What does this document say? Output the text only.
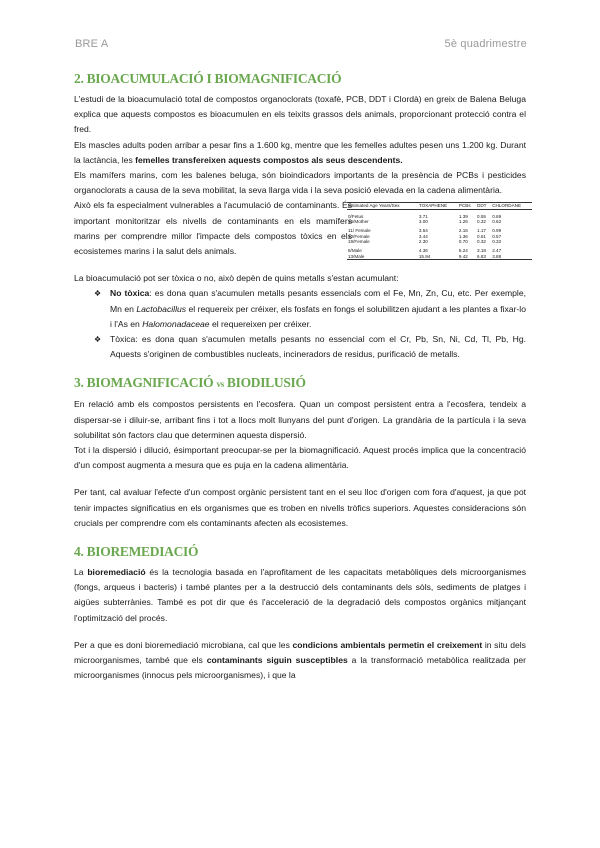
BRE A	5è quadrimestre
2. BIOACUMULACIÓ I BIOMAGNIFICACIÓ

L'estudi de la bioacumulació total de compostos organoclorats (toxafè, PCB, DDT i Clordà) en greix de Balena Beluga explica que aquests compostos es bioacumulen en els teixits grassos dels animals, proporcionant protecció contra el fred.

Els mascles adults poden arribar a pesar fins a 1.600 kg, mentre que les femelles adultes pesen uns 1.200 kg. Durant la lactància, les femelles transfereixen aquests compostos als seus descendents.

Els mamífers marins, com les balenes beluga, són bioindicadors importants de la presència de PCBs i pesticides organoclorats a causa de la seva mobilitat, la seva llarga vida i la seva posició elevada en la cadena alimentària.

Això els fa especialment vulnerables a l'acumulació de contaminants. És important monitoritzar els nivells de contaminants en els mamífers marins per comprendre millor l'impacte dels compostos tòxics en els ecosistemes marins i la salut dels animals.

Estimated Age Years/Sex	TOXAPHENE	PCBs	DDT	CHLORDANE

0/Fetus	3.71	1.39	0.55	0.69
16/Mother	3.00	1.26	0.32	0.62

11/ Female	3.54	2.16	1.17	0.99
10/Female	3.44	1.36	0.61	0.57
19/Female	2.30	0.70	0.32	0.32

8/Male	4.36	5.24	3.18	2.47
13/Male	15.94	9.42	6.83	3.88

La bioacumulació pot ser tòxica o no, això depèn de quins metalls s'estan acumulant:

❖ No tòxica: es dona quan s'acumulen metalls pesants essencials com el Fe, Mn, Zn, Cu, etc. Per exemple, Mn en Lactobacillus el requereix per créixer, els fosfats en fongs el solubilitzen ajudant a les plantes a fixar-lo i l'As en Halomonadaceae el requereixen per créixer.
❖ Tòxica: es dona quan s'acumulen metalls pesants no essencial com el Cr, Pb, Sn, Ni, Cd, Tl, Pb, Hg. Aquests s'originen de combustibles nucleats, incineradors de residus, purificació de metalls.
3. BIOMAGNIFICACIÓ vs BIODILUSIÓ

En relació amb els compostos persistents en l'ecosfera. Quan un compost persistent entra a l'ecosfera, tendeix a dispersar-se i diluir-se, arribant fins i tot a llocs molt llunyans del punt d'origen. La grandària de la partícula i la seva solubilitat són factors clau que determinen aquesta dispersió.

Tot i la dispersió i dilució, ésimportant preocupar-se per la biomagnificació. Aquest procés implica que la concentració d'un compost augmenta a mesura que es puja en la cadena alimentària.

Per tant, cal avaluar l'efecte d'un compost orgànic persistent tant en el seu lloc d'origen com fora d'aquest, ja que pot tenir impactes significatius en els organismes que es troben en nivells tròfics superiors. Aquestes consideracions són crucials per comprendre com els contaminants afecten als ecosistemes.

4. BIOREMEDIACIÓ

La bioremediació és la tecnologia basada en l'aprofitament de les capacitats metabòliques dels microorganismes (fongs, arqueus i bacteris) i també plantes per a la destrucció dels contaminants dels sòls, sediments de platges i aigües subterrànies. També es pot dir que és l'acceleració de la degradació dels compostos orgànics mitjançant l'optimització del procés.

Per a que es doni bioremediació microbiana, cal que les condicions ambientals permetin el creixement in situ dels microorganismes, també que els contaminants siguin susceptibles a la transformació metabòlica realitzada per microorganismes (innocus pels microorganismes), i que la
